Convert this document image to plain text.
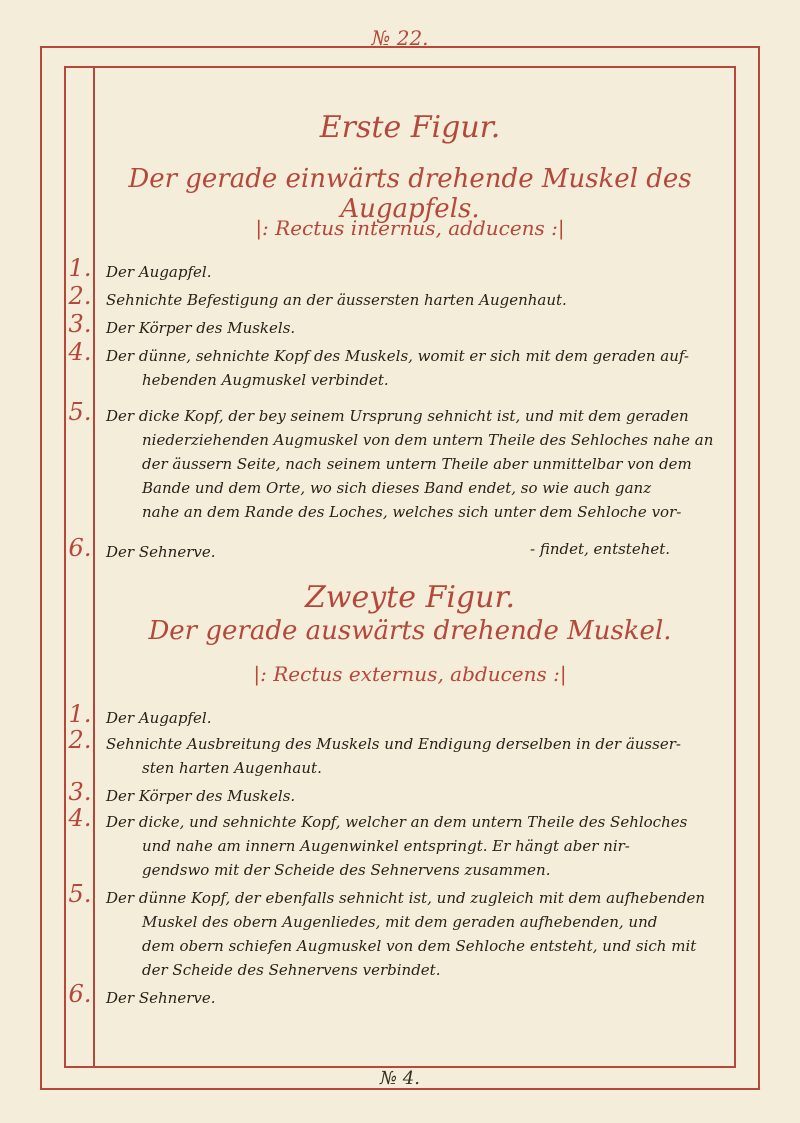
№ 22.
Erste Figur.
Der gerade einwärts drehende Muskel des Augapfels.
|: Rectus internus, adducens :|
1. Der Augapfel.
2. Sehnichte Befestigung an der äussersten harten Augenhaut.
3. Der Körper des Muskels.
4. Der dünne, sehnichte Kopf des Muskels, womit er sich mit dem geraden auf-
hebenden Augmuskel verbindet.
5. Der dicke Kopf, der bey seinem Ursprung sehnicht ist, und mit dem geraden
niederziehenden Augmuskel von dem untern Theile des Sehloches nahe an
der äussern Seite, nach seinem untern Theile aber unmittelbar von dem
Bande und dem Orte, wo sich dieses Band endet, so wie auch ganz
nahe an dem Rande des Loches, welches sich unter dem Sehloche vor-
6. Der Sehnerve.	- findet, entstehet.
Zweyte Figur.
Der gerade auswärts drehende Muskel.
|: Rectus externus, abducens :|
1. Der Augapfel.
2. Sehnichte Ausbreitung des Muskels und Endigung derselben in der äusser-
sten harten Augenhaut.
3. Der Körper des Muskels.
4. Der dicke, und sehnichte Kopf, welcher an dem untern Theile des Sehloches
und nahe am innern Augenwinkel entspringt. Er hängt aber nir-
gendswo mit der Scheide des Sehnervens zusammen.
5. Der dünne Kopf, der ebenfalls sehnicht ist, und zugleich mit dem aufhebenden
Muskel des obern Augenliedes, mit dem geraden aufhebenden, und
dem obern schiefen Augmuskel von dem Sehloche entsteht, und sich mit
der Scheide des Sehnervens verbindet.
6. Der Sehnerve.
№ 4.
